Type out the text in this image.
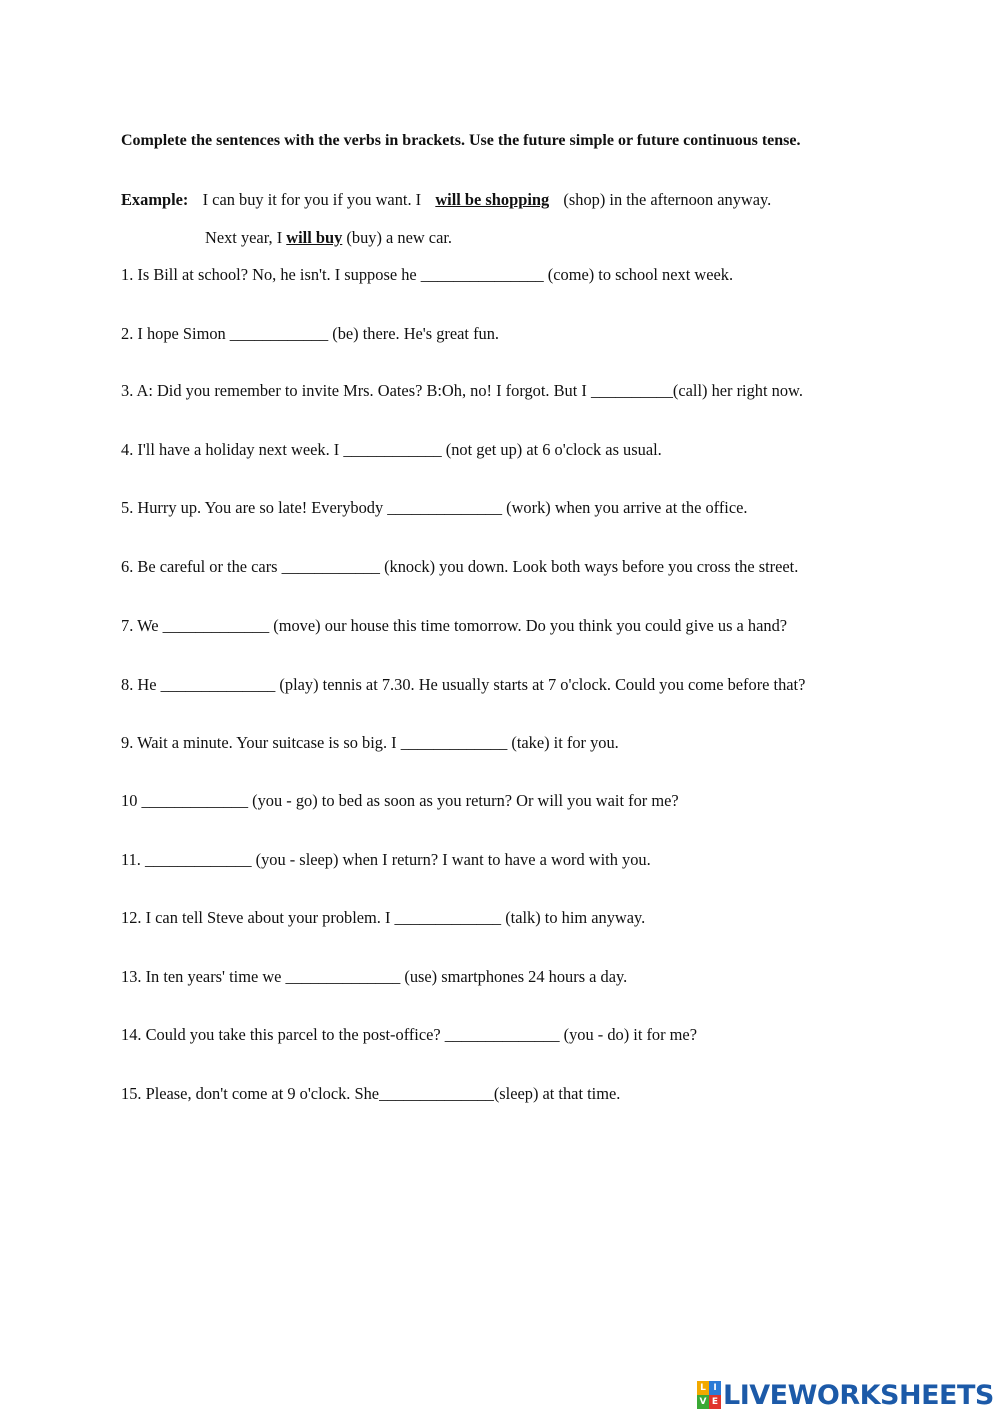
Complete the sentences with the verbs in brackets. Use the future simple or future continuous tense.
Example: I can buy it for you if you want. I will be shopping (shop) in the afternoon anyway.
Next year, I will buy (buy) a new car.
1. Is Bill at school? No, he isn't. I suppose he _______________ (come) to school next week.
2. I hope Simon ____________ (be) there. He's great fun.
3. A: Did you remember to invite Mrs. Oates? B:Oh, no! I forgot. But I __________(call) her right now.
4. I'll have a holiday next week. I ____________ (not get up) at 6 o'clock as usual.
5. Hurry up. You are so late! Everybody ______________ (work) when you arrive at the office.
6. Be careful or the cars ____________ (knock) you down. Look both ways before you cross the street.
7. We _____________ (move) our house this time tomorrow. Do you think you could give us a hand?
8. He ______________ (play) tennis at 7.30. He usually starts at 7 o'clock. Could you come before that?
9. Wait a minute. Your suitcase is so big. I _____________ (take) it for you.
10 _____________ (you - go) to bed as soon as you return? Or will you wait for me?
11. _____________ (you - sleep) when I return? I want to have a word with you.
12. I can tell Steve about your problem. I _____________ (talk) to him anyway.
13. In ten years' time we ______________ (use) smartphones 24 hours a day.
14. Could you take this parcel to the post-office? ______________ (you - do) it for me?
15. Please, don't come at 9 o'clock. She______________(sleep) at that time.
L I
V E LIVEWORKSHEETS
